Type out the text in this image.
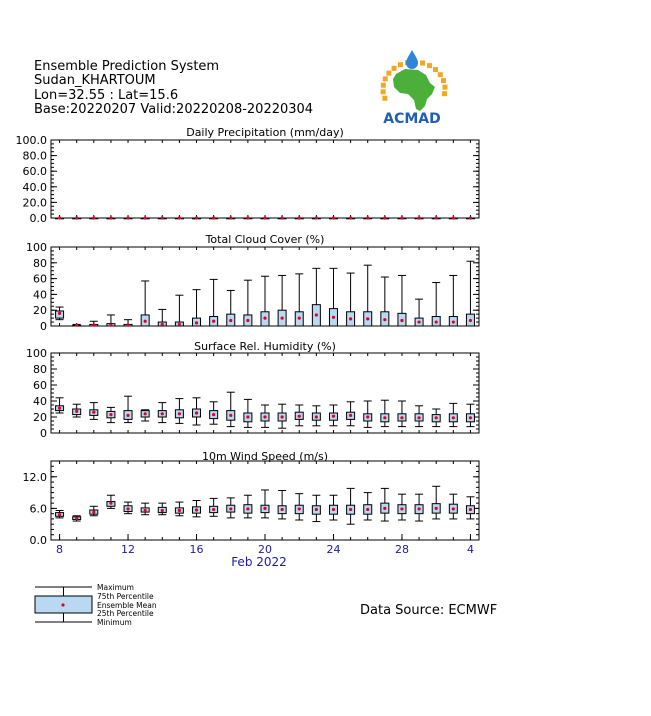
Ensemble Prediction System
Sudan_KHARTOUM
Lon=32.55 : Lat=15.6
Base:20220207 Valid:20220208-20220304
ACMAD
Daily Precipitation (mm/day)
0.0
20.0
40.0
60.0
80.0
100.0
Total Cloud Cover (%)
0
20
40
60
80
100
Surface Rel. Humidity (%)
0
20
40
60
80
100
10m Wind Speed (m/s)
0.0
6.0
12.0
8	12	16	20	24	28	4
Feb 2022
Maximum
75th Percentile
Ensemble Mean
25th Percentile
Minimum
Data Source: ECMWF
